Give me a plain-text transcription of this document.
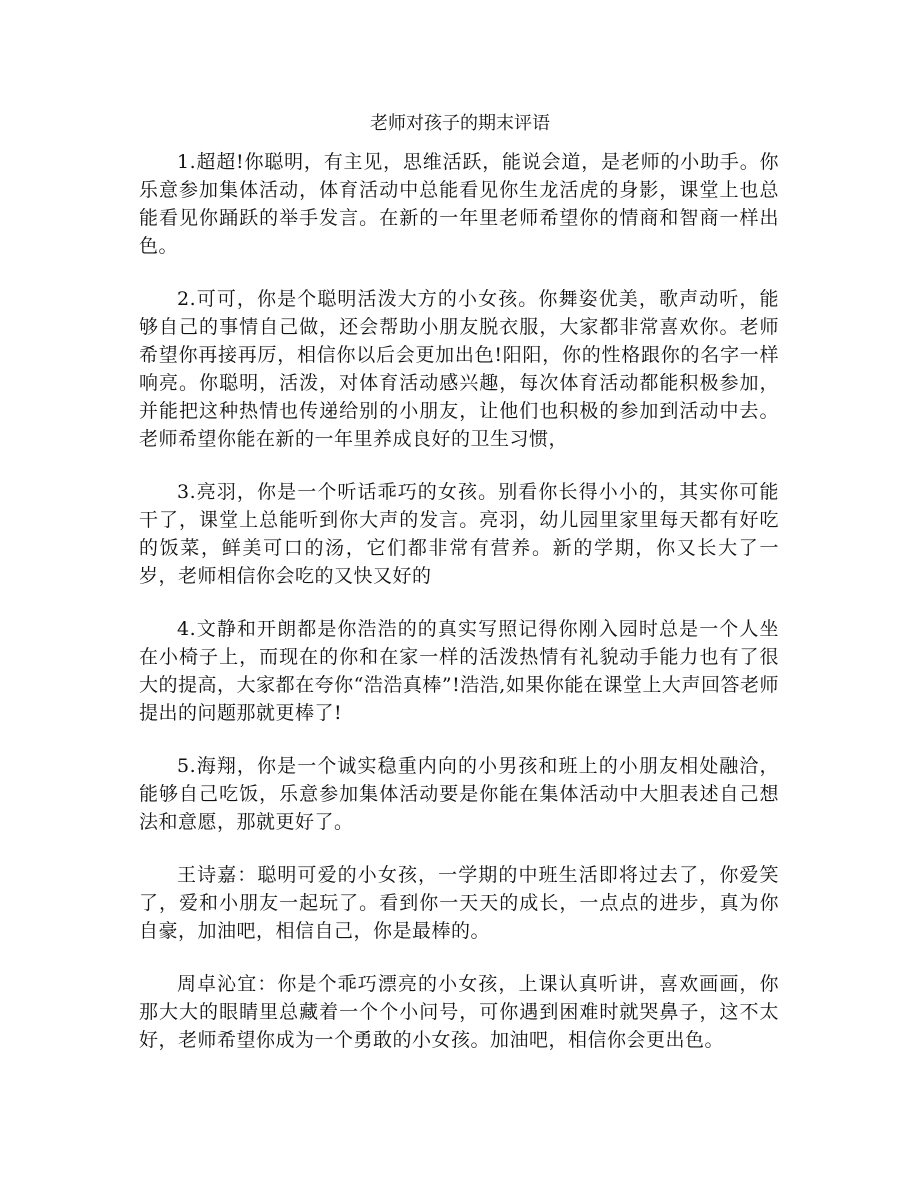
老师对孩子的期末评语

1.超超!你聪明，有主见，思维活跃，能说会道，是老师的小助手。你乐意参加集体活动，体育活动中总能看见你生龙活虎的身影，课堂上也总能看见你踊跃的举手发言。在新的一年里老师希望你的情商和智商一样出色。

2.可可，你是个聪明活泼大方的小女孩。你舞姿优美，歌声动听，能够自己的事情自己做，还会帮助小朋友脱衣服，大家都非常喜欢你。老师希望你再接再厉，相信你以后会更加出色!阳阳，你的性格跟你的名字一样响亮。你聪明，活泼，对体育活动感兴趣，每次体育活动都能积极参加，并能把这种热情也传递给别的小朋友，让他们也积极的参加到活动中去。老师希望你能在新的一年里养成良好的卫生习惯，

3.亮羽，你是一个听话乖巧的女孩。别看你长得小小的，其实你可能干了，课堂上总能听到你大声的发言。亮羽，幼儿园里家里每天都有好吃的饭菜，鲜美可口的汤，它们都非常有营养。新的学期，你又长大了一岁，老师相信你会吃的又快又好的

4.文静和开朗都是你浩浩的的真实写照记得你刚入园时总是一个人坐在小椅子上，而现在的你和在家一样的活泼热情有礼貌动手能力也有了很大的提高，大家都在夸你“浩浩真棒”!浩浩,如果你能在课堂上大声回答老师提出的问题那就更棒了!

5.海翔，你是一个诚实稳重内向的小男孩和班上的小朋友相处融洽，能够自己吃饭，乐意参加集体活动要是你能在集体活动中大胆表述自己想法和意愿，那就更好了。

王诗嘉：聪明可爱的小女孩，一学期的中班生活即将过去了，你爱笑了，爱和小朋友一起玩了。看到你一天天的成长，一点点的进步，真为你自豪，加油吧，相信自己，你是最棒的。

周卓沁宜：你是个乖巧漂亮的小女孩，上课认真听讲，喜欢画画，你那大大的眼睛里总藏着一个个小问号，可你遇到困难时就哭鼻子，这不太好，老师希望你成为一个勇敢的小女孩。加油吧，相信你会更出色。
